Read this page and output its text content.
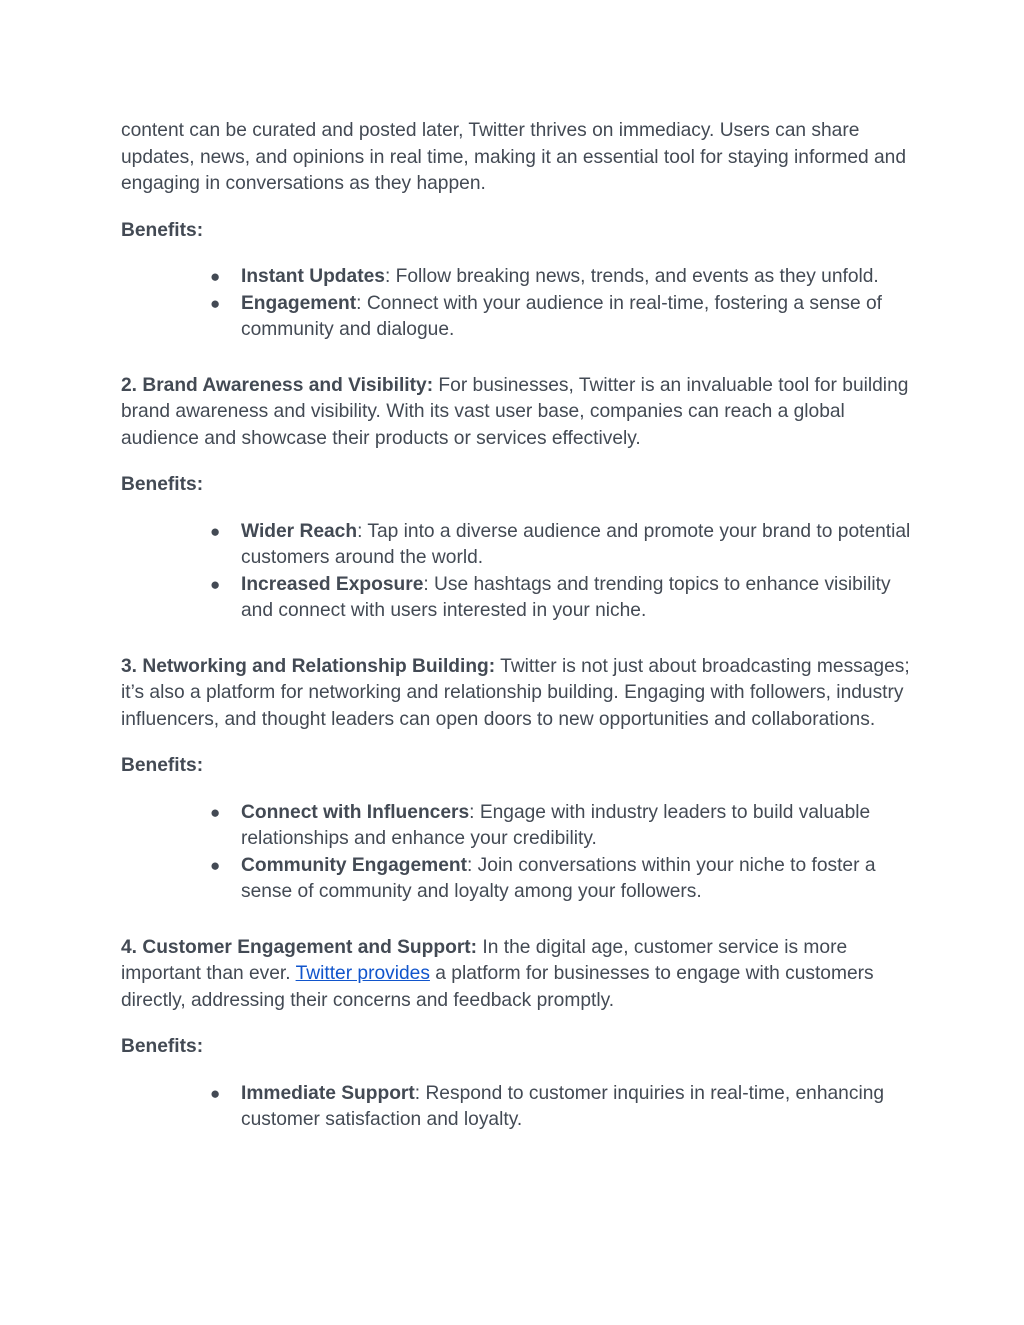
content can be curated and posted later, Twitter thrives on immediacy. Users can share updates, news, and opinions in real time, making it an essential tool for staying informed and engaging in conversations as they happen.

Benefits:

● Instant Updates: Follow breaking news, trends, and events as they unfold.
● Engagement: Connect with your audience in real-time, fostering a sense of community and dialogue.

2. Brand Awareness and Visibility: For businesses, Twitter is an invaluable tool for building brand awareness and visibility. With its vast user base, companies can reach a global audience and showcase their products or services effectively.

Benefits:

● Wider Reach: Tap into a diverse audience and promote your brand to potential customers around the world.
● Increased Exposure: Use hashtags and trending topics to enhance visibility and connect with users interested in your niche.

3. Networking and Relationship Building: Twitter is not just about broadcasting messages; it’s also a platform for networking and relationship building. Engaging with followers, industry influencers, and thought leaders can open doors to new opportunities and collaborations.

Benefits:

● Connect with Influencers: Engage with industry leaders to build valuable relationships and enhance your credibility.
● Community Engagement: Join conversations within your niche to foster a sense of community and loyalty among your followers.

4. Customer Engagement and Support: In the digital age, customer service is more important than ever. Twitter provides a platform for businesses to engage with customers directly, addressing their concerns and feedback promptly.

Benefits:

● Immediate Support: Respond to customer inquiries in real-time, enhancing customer satisfaction and loyalty.
